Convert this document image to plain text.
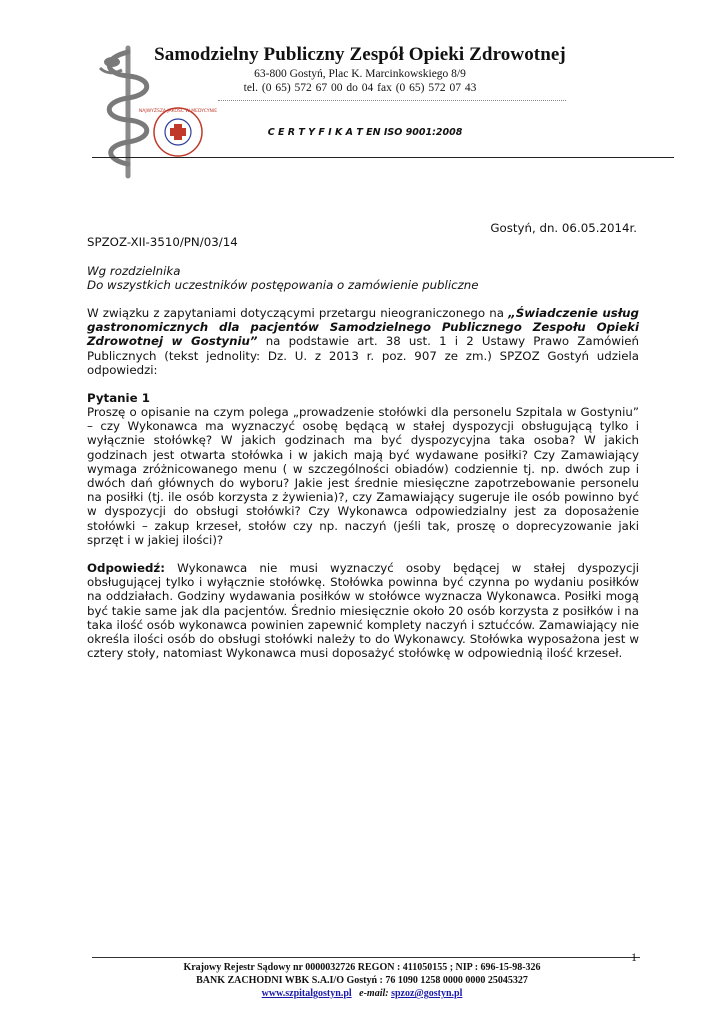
NAJWYŻSZA JAKOŚĆ W MEDYCYNIE
Samodzielny Publiczny Zespół Opieki Zdrowotnej
63-800 Gostyń, Plac K. Marcinkowskiego 8/9
tel. (0 65) 572 67 00 do 04 fax (0 65) 572 07 43
C E R T Y F I K A T EN ISO 9001:2008
Gostyń, dn. 06.05.2014r.
SPZOZ-XII-3510/PN/03/14
Wg rozdzielnika
Do wszystkich uczestników postępowania o zamówienie publiczne
W związku z zapytaniami dotyczącymi przetargu nieograniczonego na „Świadczenie usług gastronomicznych dla pacjentów Samodzielnego Publicznego Zespołu Opieki Zdrowotnej w Gostyniu” na podstawie art. 38 ust. 1 i 2 Ustawy Prawo Zamówień Publicznych (tekst jednolity: Dz. U. z 2013 r. poz. 907 ze zm.) SPZOZ Gostyń udziela odpowiedzi:
Pytanie 1
Proszę o opisanie na czym polega „prowadzenie stołówki dla personelu Szpitala w Gostyniu” – czy Wykonawca ma wyznaczyć osobę będącą w stałej dyspozycji obsługującą tylko i wyłącznie stołówkę? W jakich godzinach ma być dyspozycyjna taka osoba? W jakich godzinach jest otwarta stołówka i w jakich mają być wydawane posiłki? Czy Zamawiający wymaga zróżnicowanego menu ( w szczególności obiadów) codziennie tj. np. dwóch zup i dwóch dań głównych do wyboru? Jakie jest średnie miesięczne zapotrzebowanie personelu na posiłki (tj. ile osób korzysta z żywienia)?, czy Zamawiający sugeruje ile osób powinno być w dyspozycji do obsługi stołówki? Czy Wykonawca odpowiedzialny jest za doposażenie stołówki – zakup krzeseł, stołów czy np. naczyń (jeśli tak, proszę o doprecyzowanie jaki sprzęt i w jakiej ilości)?
Odpowiedź: Wykonawca nie musi wyznaczyć osoby będącej w stałej dyspozycji obsługującej tylko i wyłącznie stołówkę. Stołówka powinna być czynna po wydaniu posiłków na oddziałach. Godziny wydawania posiłków w stołówce wyznacza Wykonawca. Posiłki mogą być takie same jak dla pacjentów. Średnio miesięcznie około 20 osób korzysta z posiłków i na taka ilość osób wykonawca powinien zapewnić komplety naczyń i sztućców. Zamawiający nie określa ilości osób do obsługi stołówki należy to do Wykonawcy. Stołówka wyposażona jest w cztery stoły, natomiast Wykonawca musi doposażyć stołówkę w odpowiednią ilość krzeseł.
1
Krajowy Rejestr Sądowy nr 0000032726 REGON : 411050155 ; NIP : 696-15-98-326
BANK ZACHODNI WBK S.A.I/O Gostyń : 76 1090 1258 0000 0000 25045327
www.szpitalgostyn.pl e-mail: spzoz@gostyn.pl
